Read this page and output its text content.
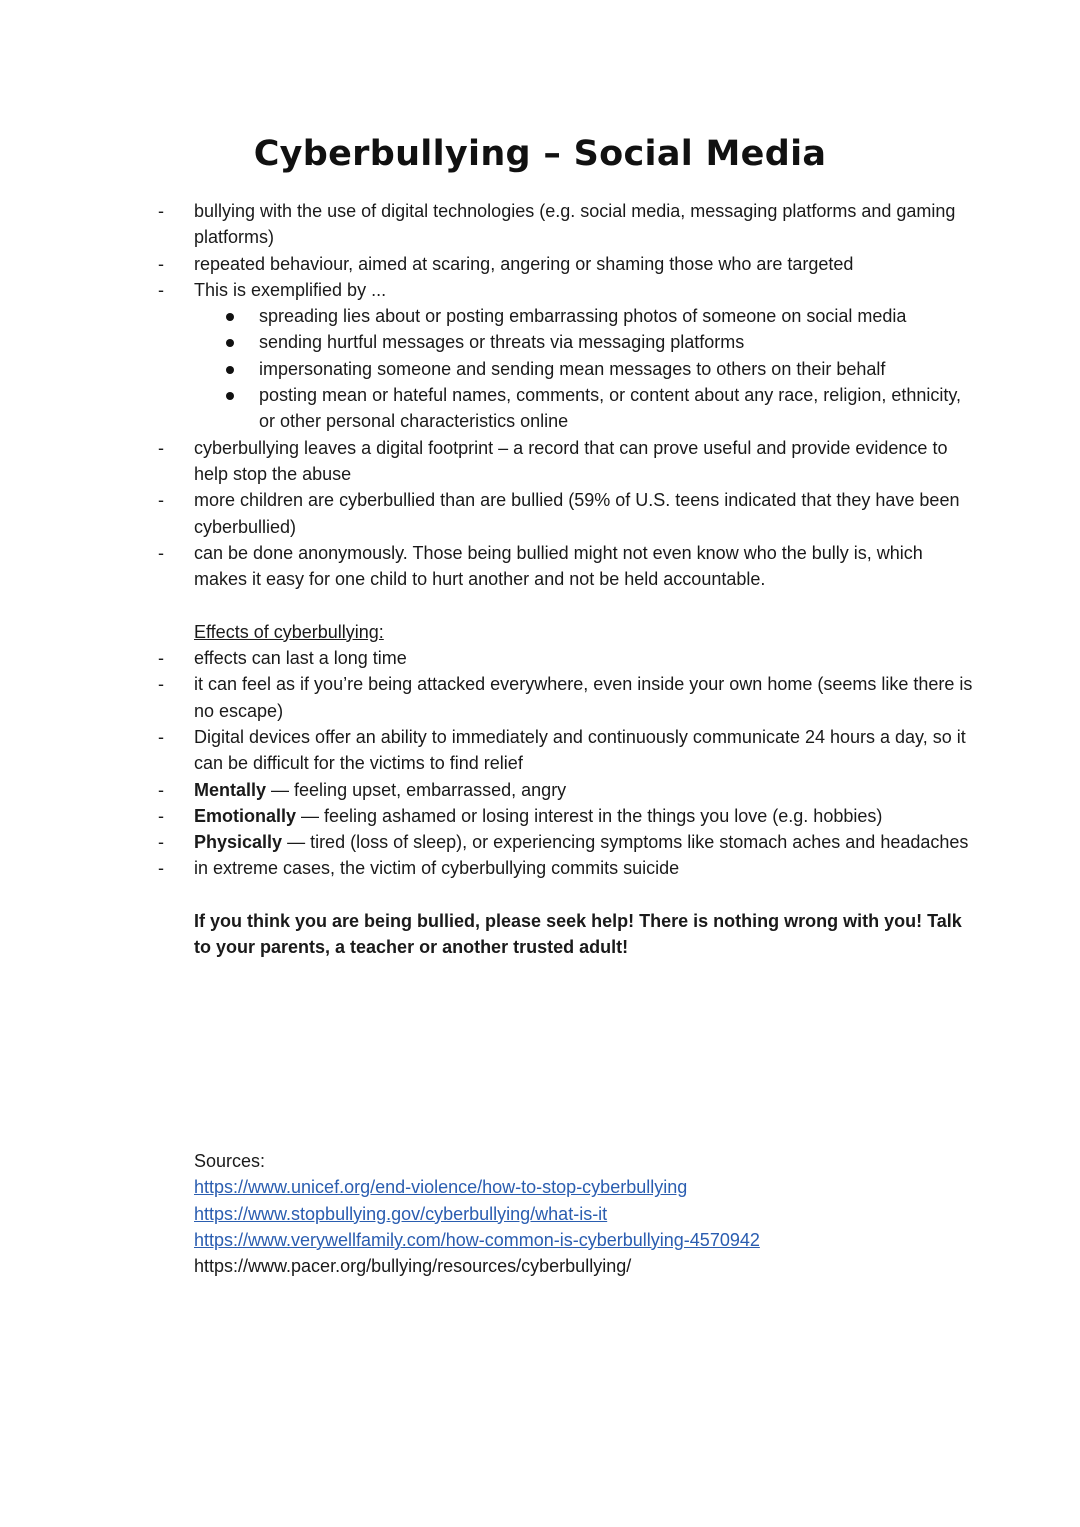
Cyberbullying – Social Media
- bullying with the use of digital technologies (e.g. social media, messaging platforms and gaming platforms)
- repeated behaviour, aimed at scaring, angering or shaming those who are targeted
- This is exemplified by ...
spreading lies about or posting embarrassing photos of someone on social media
sending hurtful messages or threats via messaging platforms
impersonating someone and sending mean messages to others on their behalf
posting mean or hateful names, comments, or content about any race, religion, ethnicity, or other personal characteristics online
- cyberbullying leaves a digital footprint – a record that can prove useful and provide evidence to help stop the abuse
- more children are cyberbullied than are bullied (59% of U.S. teens indicated that they have been cyberbullied)
- can be done anonymously. Those being bullied might not even know who the bully is, which makes it easy for one child to hurt another and not be held accountable.
Effects of cyberbullying:
- effects can last a long time
- it can feel as if you’re being attacked everywhere, even inside your own home (seems like there is no escape)
- Digital devices offer an ability to immediately and continuously communicate 24 hours a day, so it can be difficult for the victims to find relief
- Mentally — feeling upset, embarrassed, angry
- Emotionally — feeling ashamed or losing interest in the things you love (e.g. hobbies)
- Physically — tired (loss of sleep), or experiencing symptoms like stomach aches and headaches
- in extreme cases, the victim of cyberbullying commits suicide
If you think you are being bullied, please seek help! There is nothing wrong with you! Talk to your parents, a teacher or another trusted adult!
Sources:
https://www.unicef.org/end-violence/how-to-stop-cyberbullying
https://www.stopbullying.gov/cyberbullying/what-is-it
https://www.verywellfamily.com/how-common-is-cyberbullying-4570942
https://www.pacer.org/bullying/resources/cyberbullying/
